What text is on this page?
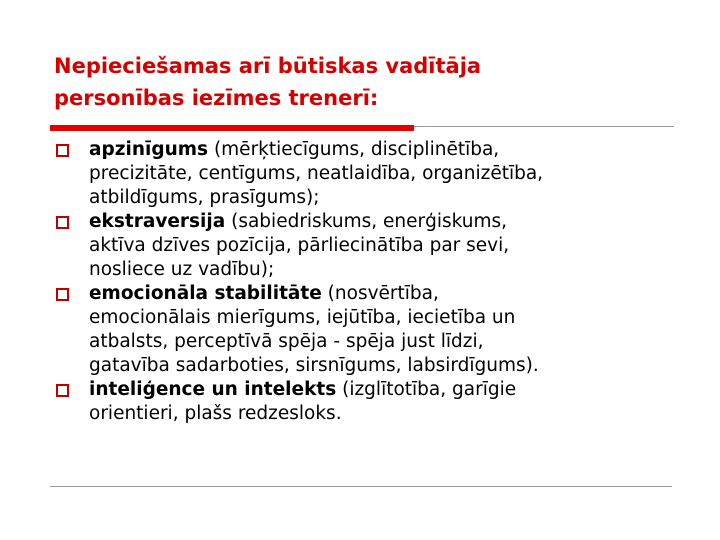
Nepieciešamas arī būtiskas vadītāja
personības iezīmes trenerī:
apzinīgums (mērķtiecīgums, disciplinētība,
precizitāte, centīgums, neatlaidība, organizētība,
atbildīgums, prasīgums);
ekstraversija (sabiedriskums, enerģiskums,
aktīva dzīves pozīcija, pārliecinātība par sevi,
nosliece uz vadību);
emocionāla stabilitāte (nosvērtība,
emocionālais mierīgums, iejūtība, iecietība un
atbalsts, perceptīvā spēja - spēja just līdzi,
gatavība sadarboties, sirsnīgums, labsirdīgums).
inteliģence un intelekts (izglītotība, garīgie
orientieri, plašs redzesloks.
